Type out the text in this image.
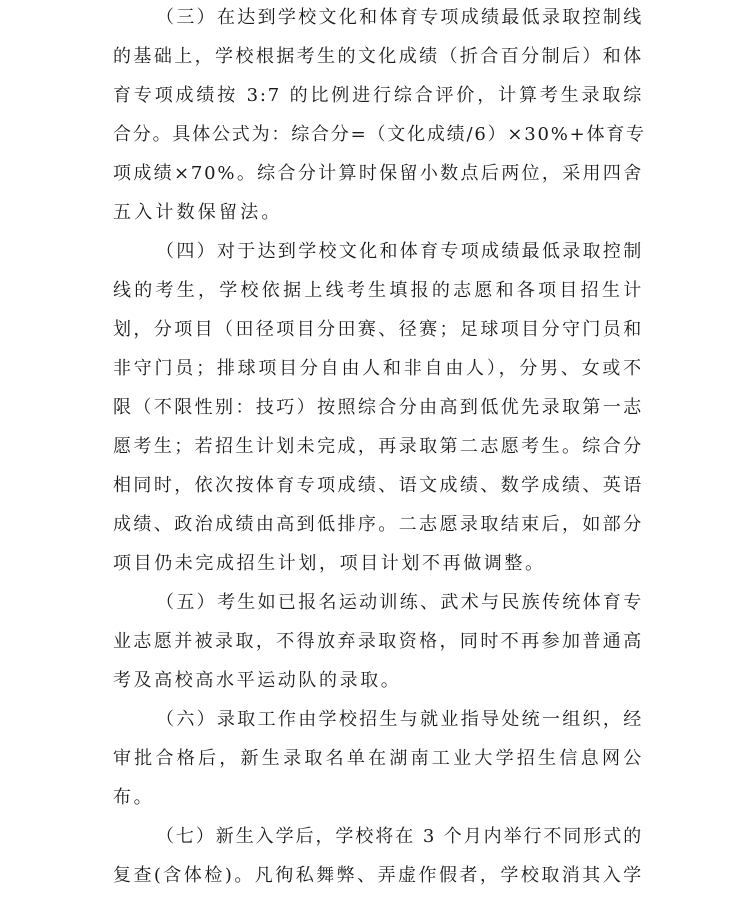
（三）在达到学校文化和体育专项成绩最低录取控制线
的基础上，学校根据考生的文化成绩（折合百分制后）和体
育专项成绩按 3:7 的比例进行综合评价，计算考生录取综
合分。具体公式为：综合分=（文化成绩/6）×30%+体育专
项成绩×70%。综合分计算时保留小数点后两位，采用四舍
五入计数保留法。
（四）对于达到学校文化和体育专项成绩最低录取控制
线的考生，学校依据上线考生填报的志愿和各项目招生计
划，分项目（田径项目分田赛、径赛；足球项目分守门员和
非守门员；排球项目分自由人和非自由人），分男、女或不
限（不限性别：技巧）按照综合分由高到低优先录取第一志
愿考生；若招生计划未完成，再录取第二志愿考生。综合分
相同时，依次按体育专项成绩、语文成绩、数学成绩、英语
成绩、政治成绩由高到低排序。二志愿录取结束后，如部分
项目仍未完成招生计划，项目计划不再做调整。
（五）考生如已报名运动训练、武术与民族传统体育专
业志愿并被录取，不得放弃录取资格，同时不再参加普通高
考及高校高水平运动队的录取。
（六）录取工作由学校招生与就业指导处统一组织，经
审批合格后，新生录取名单在湖南工业大学招生信息网公
布。
（七）新生入学后，学校将在 3 个月内举行不同形式的
复查(含体检)。凡徇私舞弊、弄虚作假者，学校取消其入学
